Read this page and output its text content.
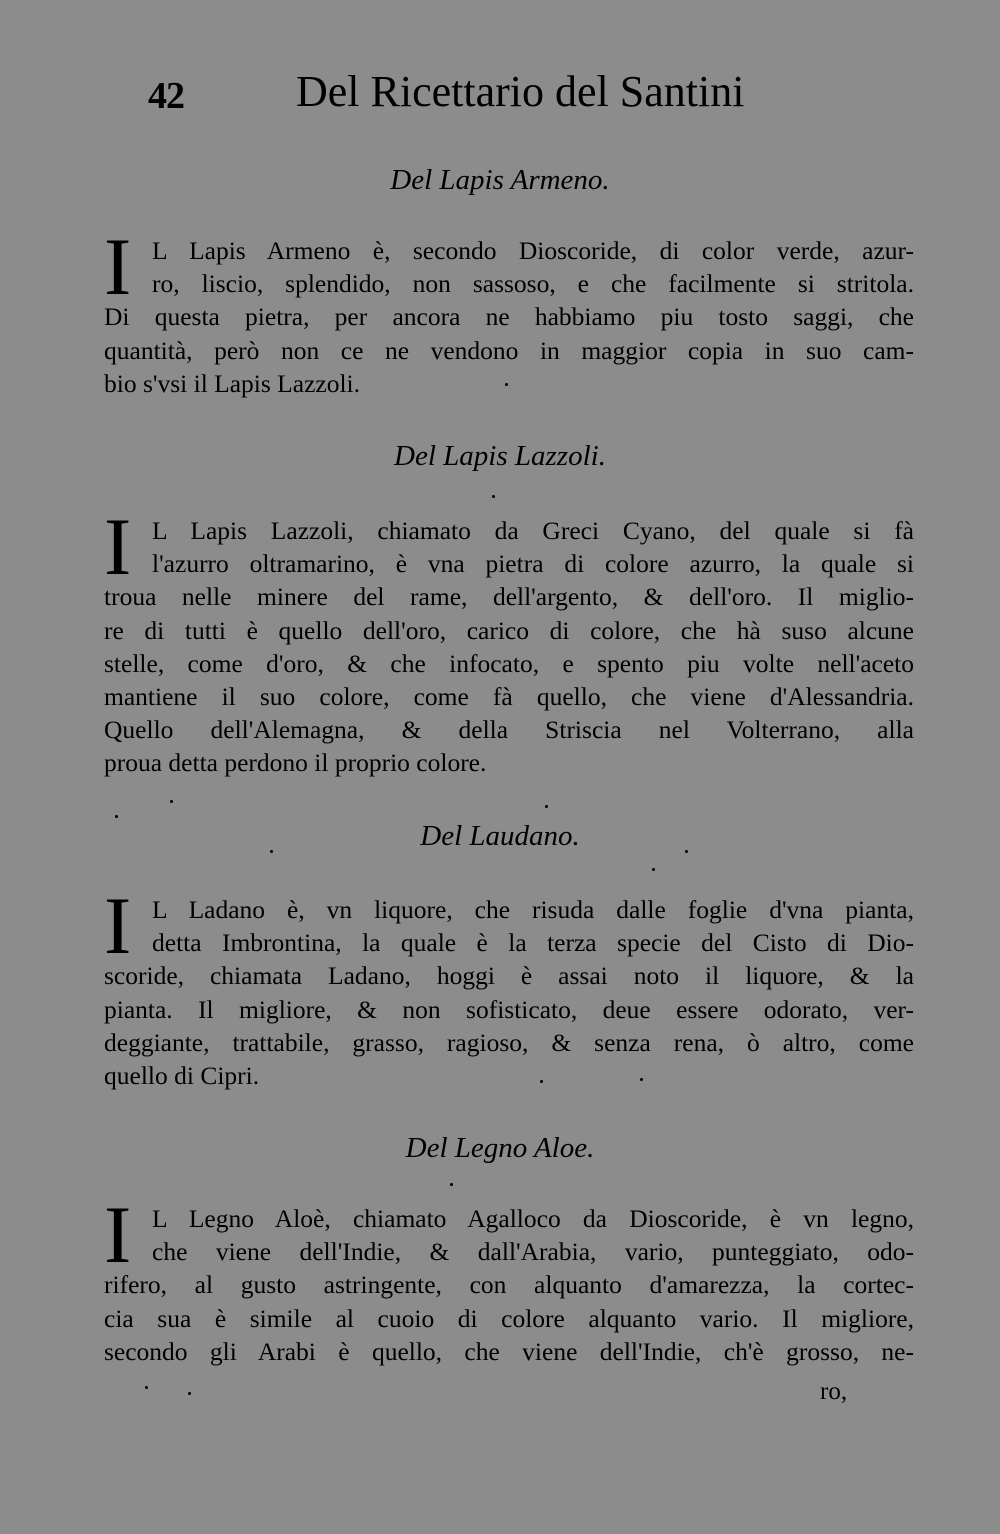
42	Del Ricettario del Santini
Del Lapis Armeno.
I L Lapis Armeno è, secondo Dioscoride, di color verde, azur-
ro, liscio, splendido, non sassoso, e che facilmente si stritola.
Di questa pietra, per ancora ne habbiamo piu tosto saggi, che
quantità, però non ce ne vendono in maggior copia in suo cam-
bio s'vsi il Lapis Lazzoli.
Del Lapis Lazzoli.
I L Lapis Lazzoli, chiamato da Greci Cyano, del quale si fà
l'azurro oltramarino, è vna pietra di colore azurro, la quale si
troua nelle minere del rame, dell'argento, & dell'oro. Il miglio-
re di tutti è quello dell'oro, carico di colore, che hà suso alcune
stelle, come d'oro, & che infocato, e spento piu volte nell'aceto
mantiene il suo colore, come fà quello, che viene d'Alessandria.
Quello dell'Alemagna, & della Striscia nel Volterrano, alla
proua detta perdono il proprio colore.
Del Laudano.
I L Ladano è, vn liquore, che risuda dalle foglie d'vna pianta,
detta Imbrontina, la quale è la terza specie del Cisto di Dio-
scoride, chiamata Ladano, hoggi è assai noto il liquore, & la
pianta. Il migliore, & non sofisticato, deue essere odorato, ver-
deggiante, trattabile, grasso, ragioso, & senza rena, ò altro, come
quello di Cipri.
Del Legno Aloe.
I L Legno Aloè, chiamato Agalloco da Dioscoride, è vn legno,
che viene dell'Indie, & dall'Arabia, vario, punteggiato, odo-
rifero, al gusto astringente, con alquanto d'amarezza, la cortec-
cia sua è simile al cuoio di colore alquanto vario. Il migliore,
secondo gli Arabi è quello, che viene dell'Indie, ch'è grosso, ne-
ro,
